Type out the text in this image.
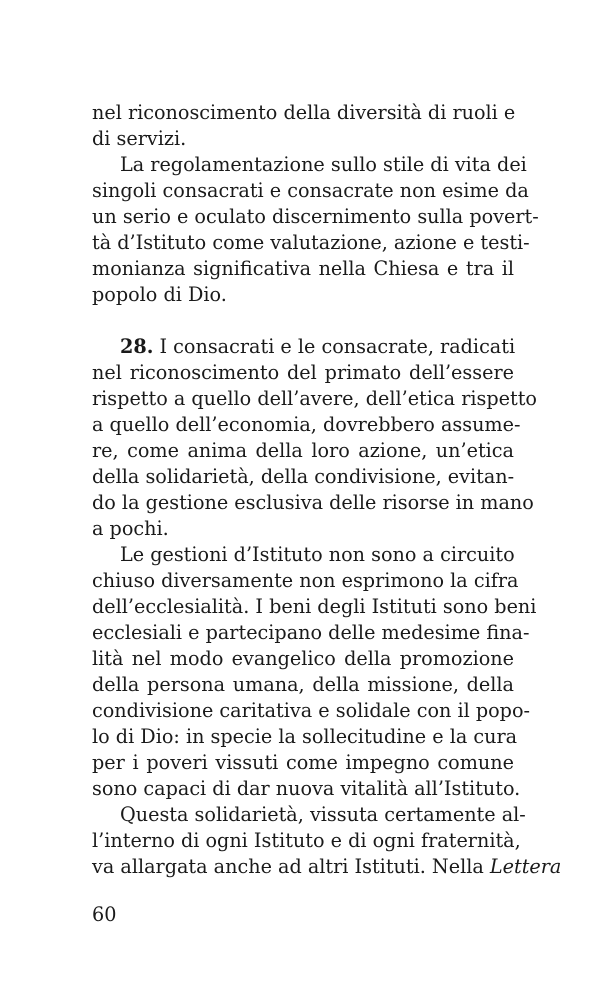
nel riconoscimento della diversità di ruoli e
di servizi.
La regolamentazione sullo stile di vita dei
singoli consacrati e consacrate non esime da
un serio e oculato discernimento sulla povert-
tà d’Istituto come valutazione, azione e testi-
monianza significativa nella Chiesa e tra il
popolo di Dio.
28. I consacrati e le consacrate, radicati
nel riconoscimento del primato dell’essere
rispetto a quello dell’avere, dell’etica rispetto
a quello dell’economia, dovrebbero assume-
re, come anima della loro azione, un’etica
della solidarietà, della condivisione, evitan-
do la gestione esclusiva delle risorse in mano
a pochi.
Le gestioni d’Istituto non sono a circuito
chiuso diversamente non esprimono la cifra
dell’ecclesialità. I beni degli Istituti sono beni
ecclesiali e partecipano delle medesime fina-
lità nel modo evangelico della promozione
della persona umana, della missione, della
condivisione caritativa e solidale con il popo-
lo di Dio: in specie la sollecitudine e la cura
per i poveri vissuti come impegno comune
sono capaci di dar nuova vitalità all’Istituto.
Questa solidarietà, vissuta certamente al-
l’interno di ogni Istituto e di ogni fraternità,
va allargata anche ad altri Istituti. Nella Lettera
60
